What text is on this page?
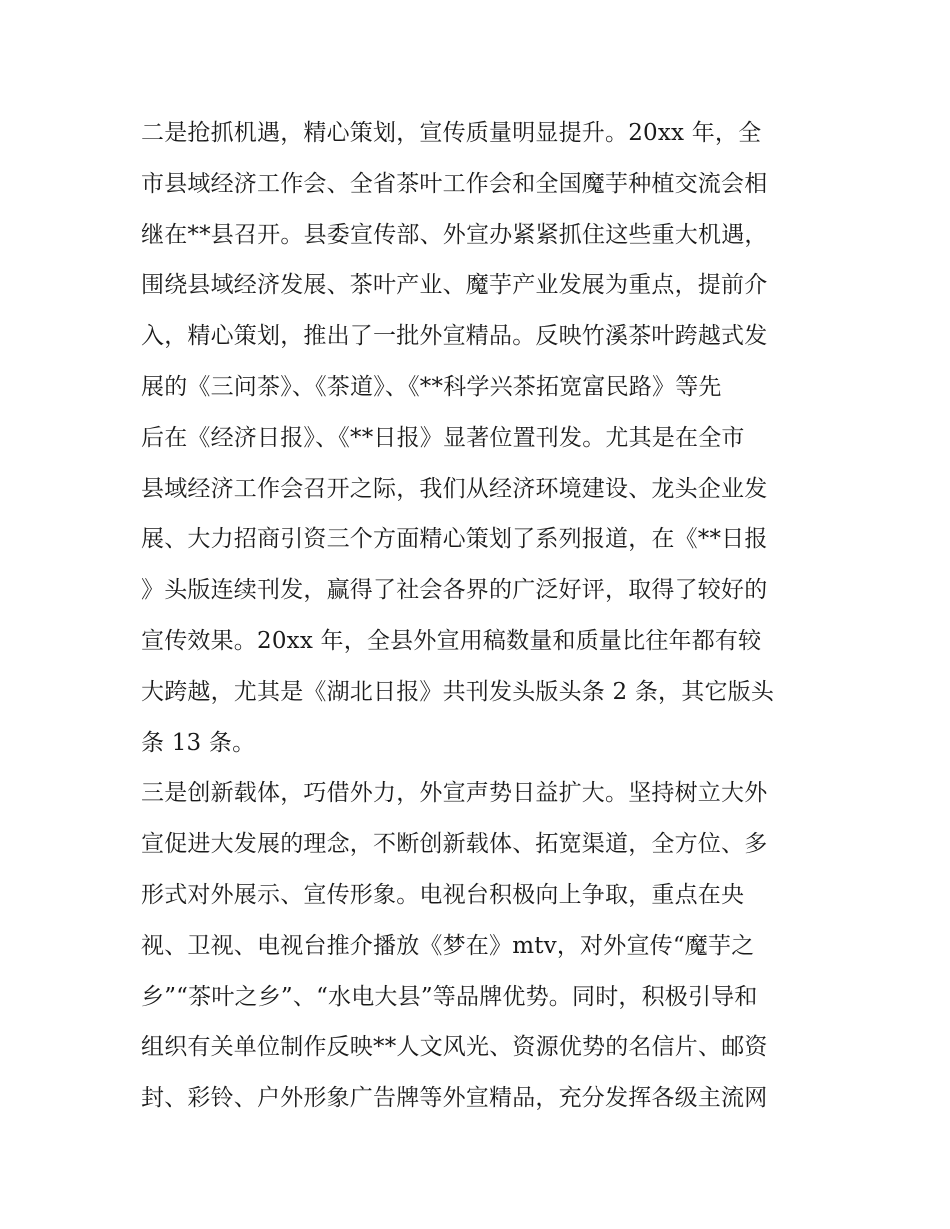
二是抢抓机遇，精心策划，宣传质量明显提升。20xx 年，全
市县域经济工作会、全省茶叶工作会和全国魔芋种植交流会相
继在**县召开。县委宣传部、外宣办紧紧抓住这些重大机遇，
围绕县域经济发展、茶叶产业、魔芋产业发展为重点，提前介
入，精心策划，推出了一批外宣精品。反映竹溪茶叶跨越式发
展的《三问茶》、《茶道》、《**科学兴茶拓宽富民路》等先
后在《经济日报》、《**日报》显著位置刊发。尤其是在全市
县域经济工作会召开之际，我们从经济环境建设、龙头企业发
展、大力招商引资三个方面精心策划了系列报道，在《**日报
》头版连续刊发，赢得了社会各界的广泛好评，取得了较好的
宣传效果。20xx 年，全县外宣用稿数量和质量比往年都有较
大跨越，尤其是《湖北日报》共刊发头版头条 2 条，其它版头
条 13 条。
三是创新载体，巧借外力，外宣声势日益扩大。坚持树立大外
宣促进大发展的理念，不断创新载体、拓宽渠道，全方位、多
形式对外展示、宣传形象。电视台积极向上争取，重点在央
视、卫视、电视台推介播放《梦在》mtv，对外宣传“魔芋之
乡”“茶叶之乡”、“水电大县”等品牌优势。同时，积极引导和
组织有关单位制作反映**人文风光、资源优势的名信片、邮资
封、彩铃、户外形象广告牌等外宣精品，充分发挥各级主流网
